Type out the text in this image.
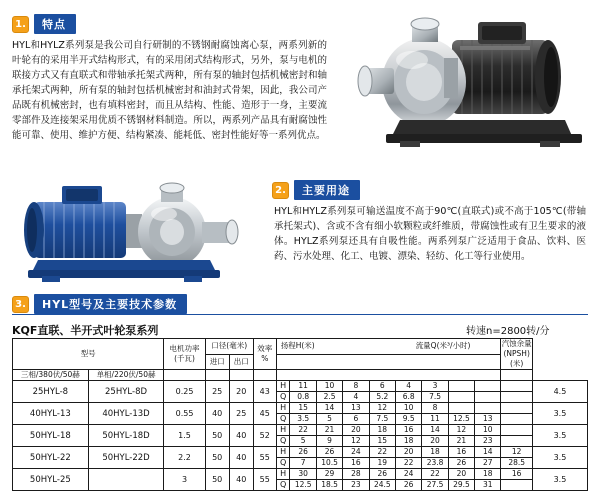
1.	特点
HYL和HYLZ系列泵是我公司自行研制的不锈钢耐腐蚀离心泵，两系列新的叶轮有的采用半开式结构形式，有的采用闭式结构形式，另外，泵与电机的联接方式又有直联式和带轴承托架式两种，所有泵的轴封包括机械密封和轴承托架式两种，所有泵的轴封包括机械密封和油封式骨架，因此，我公司产品既有机械密封，也有填料密封，而且从结构、性能、造形于一身，主要流零部件及连接架采用优质不锈钢材料制造。所以，两系列产品具有耐腐蚀性能可靠、使用、维护方便、结构紧凑、能耗低、密封性能好等一系列优点。
2.	主要用途
HYL和HYLZ系列泵可输送温度不高于90℃(直联式)或不高于105℃(带轴承托架式)、含或不含有细小软颗粒或纤维质，带腐蚀性或有卫生要求的液体。HYLZ系列泵还具有自吸性能。两系列泵广泛适用于食品、饮料、医药、污水处理、化工、电镀、漂染、轻纺、化工等行业使用。
3.	HYL型号及主要技术参数
KQF直联、半开式叶轮泵系列	转速n=2800转/分
型号		电机功率
(千瓦)	口径(毫米)		效率
%	扬程H(米) 流量Q(米³/小时)									汽蚀余量
(NPSH)(米)	
			进口	出口												
三相/380伏/50赫	单相/220伏/50赫															
25HYL-8	25HYL-8D	0.25	25	20	43	H	11	10	8	6	4	3				4.5
						Q	0.8	2.5	4	5.2	6.8	7.5				
40HYL-13	40HYL-13D	0.55	40	25	45	H	15	14	13	12	10	8				3.5
						Q	3.5	5	6	7.5	9.5	11	12.5	13		
50HYL-18	50HYL-18D	1.5	50	40	52	H	22	21	20	18	16	14	12	10		3.5
						Q	5	9	12	15	18	20	21	23		
50HYL-22	50HYL-22D	2.2	50	40	55	H	26	26	24	22	20	18	16	14	12	3.5
						Q	7	10.5	16	19	22	23.8	26	27	28.5	
50HYL-25		3	50	40	55	H	30	29	28	26	24	22	20	18	16	3.5
						Q	12.5	18.5	23	24.5	26	27.5	29.5	31		
